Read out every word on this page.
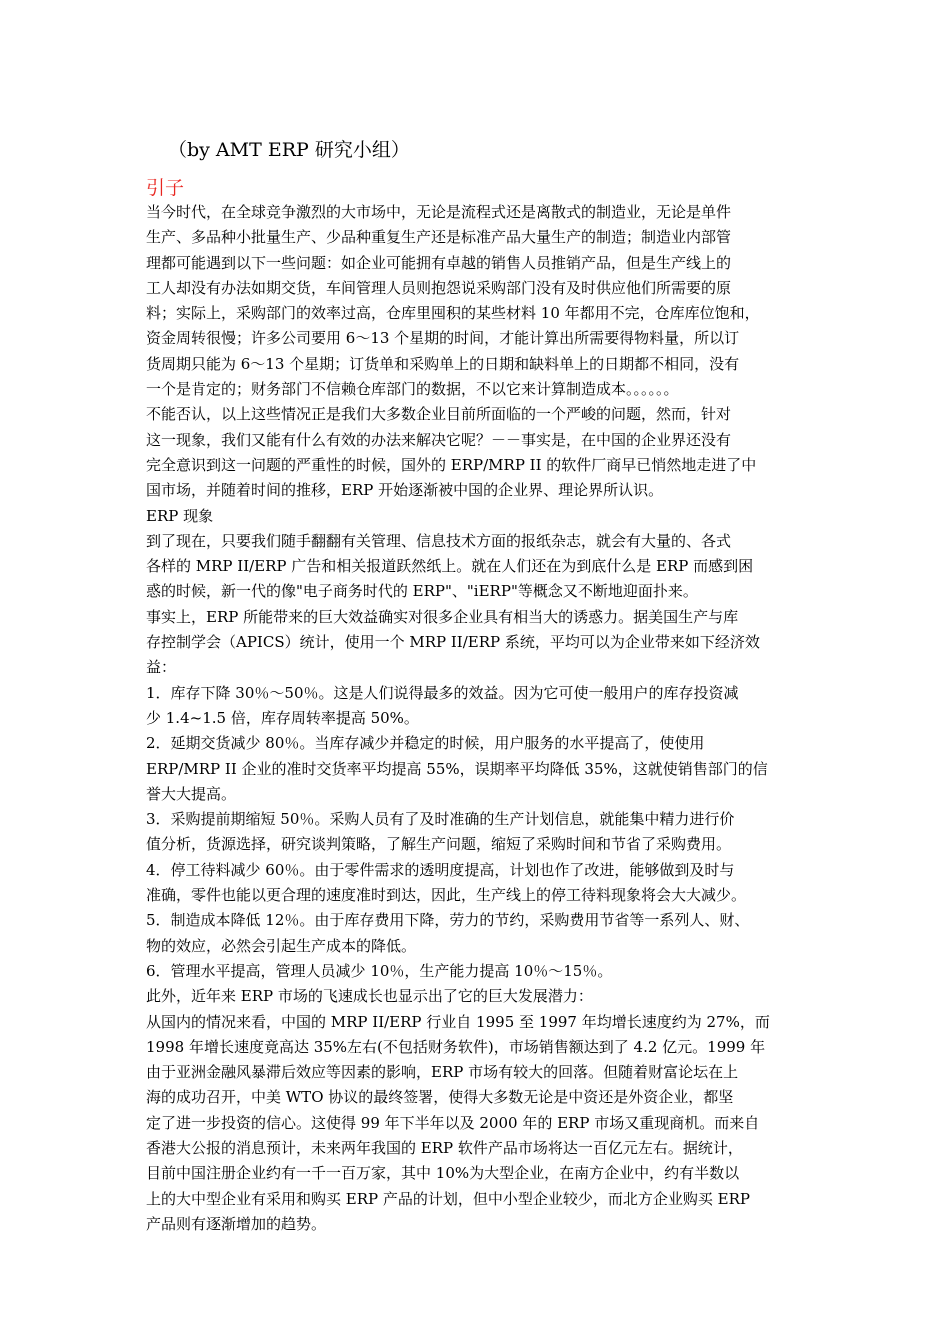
（by AMT ERP 研究小组）
引子
当今时代，在全球竞争激烈的大市场中，无论是流程式还是离散式的制造业，无论是单件
生产、多品种小批量生产、少品种重复生产还是标准产品大量生产的制造；制造业内部管
理都可能遇到以下一些问题：如企业可能拥有卓越的销售人员推销产品，但是生产线上的
工人却没有办法如期交货，车间管理人员则抱怨说采购部门没有及时供应他们所需要的原
料；实际上，采购部门的效率过高，仓库里囤积的某些材料 10 年都用不完，仓库库位饱和，
资金周转很慢；许多公司要用 6～13 个星期的时间，才能计算出所需要得物料量，所以订
货周期只能为 6～13 个星期；订货单和采购单上的日期和缺料单上的日期都不相同，没有
一个是肯定的；财务部门不信赖仓库部门的数据，不以它来计算制造成本。。。。。。
不能否认，以上这些情况正是我们大多数企业目前所面临的一个严峻的问题，然而，针对
这一现象，我们又能有什么有效的办法来解决它呢？－－事实是，在中国的企业界还没有
完全意识到这一问题的严重性的时候，国外的 ERP/MRP II 的软件厂商早已悄然地走进了中
国市场，并随着时间的推移，ERP 开始逐渐被中国的企业界、理论界所认识。
ERP 现象
到了现在，只要我们随手翻翻有关管理、信息技术方面的报纸杂志，就会有大量的、各式
各样的 MRP II/ERP 广告和相关报道跃然纸上。就在人们还在为到底什么是 ERP 而感到困
惑的时候，新一代的像"电子商务时代的 ERP"、"iERP"等概念又不断地迎面扑来。
事实上，ERP 所能带来的巨大效益确实对很多企业具有相当大的诱惑力。据美国生产与库
存控制学会（APICS）统计，使用一个 MRP II/ERP 系统，平均可以为企业带来如下经济效
益：
1．库存下降 30％～50％。这是人们说得最多的效益。因为它可使一般用户的库存投资减
少 1.4~1.5 倍，库存周转率提高 50%。
2．延期交货减少 80％。当库存减少并稳定的时候，用户服务的水平提高了，使使用
ERP/MRP II 企业的准时交货率平均提高 55%，误期率平均降低 35%，这就使销售部门的信
誉大大提高。
3．采购提前期缩短 50％。采购人员有了及时准确的生产计划信息，就能集中精力进行价
值分析，货源选择，研究谈判策略，了解生产问题，缩短了采购时间和节省了采购费用。
4．停工待料减少 60％。由于零件需求的透明度提高，计划也作了改进，能够做到及时与
准确，零件也能以更合理的速度准时到达，因此，生产线上的停工待料现象将会大大减少。
5．制造成本降低 12％。由于库存费用下降，劳力的节约，采购费用节省等一系列人、财、
物的效应，必然会引起生产成本的降低。
6．管理水平提高，管理人员减少 10％，生产能力提高 10％～15％。
此外，近年来 ERP 市场的飞速成长也显示出了它的巨大发展潜力：
从国内的情况来看，中国的 MRP II/ERP 行业自 1995 至 1997 年均增长速度约为 27%，而
1998 年增长速度竟高达 35%左右(不包括财务软件)，市场销售额达到了 4.2 亿元。1999 年
由于亚洲金融风暴滞后效应等因素的影响，ERP 市场有较大的回落。但随着财富论坛在上
海的成功召开，中美 WTO 协议的最终签署，使得大多数无论是中资还是外资企业，都坚
定了进一步投资的信心。这使得 99 年下半年以及 2000 年的 ERP 市场又重现商机。而来自
香港大公报的消息预计，未来两年我国的 ERP 软件产品市场将达一百亿元左右。据统计，
目前中国注册企业约有一千一百万家，其中 10%为大型企业，在南方企业中，约有半数以
上的大中型企业有采用和购买 ERP 产品的计划，但中小型企业较少，而北方企业购买 ERP
产品则有逐渐增加的趋势。
